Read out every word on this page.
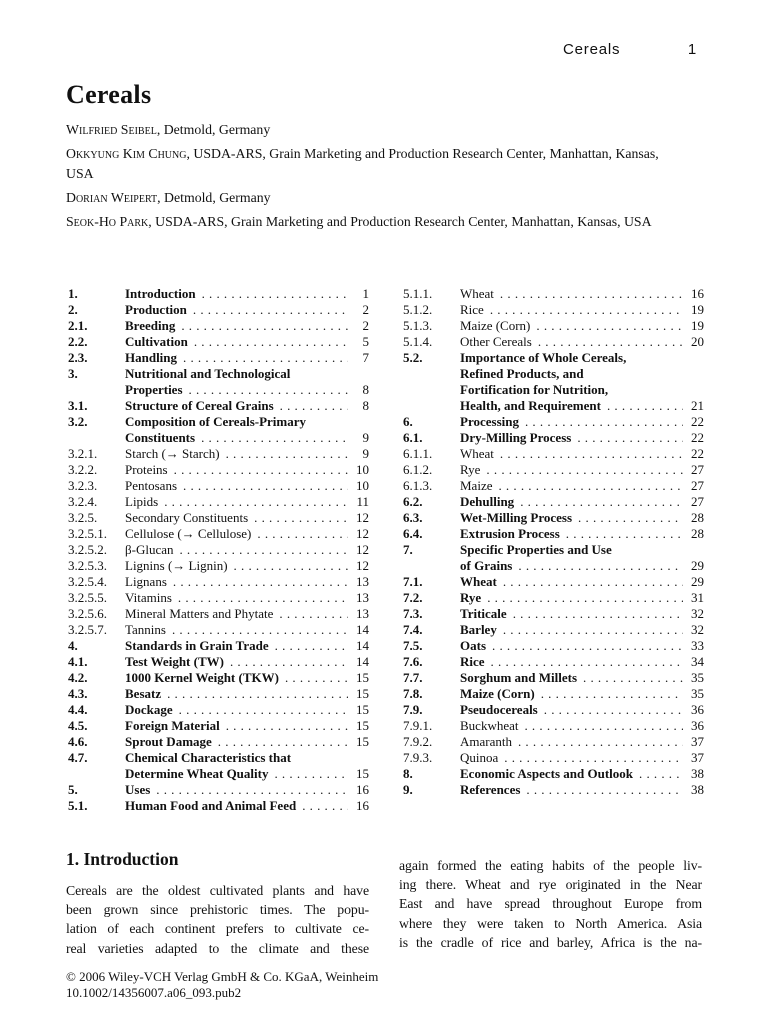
Cereals	1
Cereals

Wilfried Seibel, Detmold, Germany

Okkyung Kim Chung, USDA-ARS, Grain Marketing and Production Research Center, Manhattan, Kansas,
USA

Dorian Weipert, Detmold, Germany

Seok-Ho Park, USDA-ARS, Grain Marketing and Production Research Center, Manhattan, Kansas, USA

1.	Introduction .....	1
2.	Production .....	2
2.1.	Breeding .....	2
2.2.	Cultivation .....	5
2.3.	Handling .....	7
3.	Nutritional and Technological
Properties .....	8
3.1.	Structure of Cereal Grains .....	8
3.2.	Composition of Cereals-Primary
Constituents .....	9
3.2.1.	Starch (→ Starch) .....	9
3.2.2.	Proteins .....	10
3.2.3.	Pentosans .....	10
3.2.4.	Lipids .....	11
3.2.5.	Secondary Constituents .....	12
3.2.5.1.	Cellulose (→ Cellulose) .....	12
3.2.5.2.	β-Glucan .....	12
3.2.5.3.	Lignins (→ Lignin) .....	12
3.2.5.4.	Lignans .....	13
3.2.5.5.	Vitamins .....	13
3.2.5.6.	Mineral Matters and Phytate .....	13
3.2.5.7.	Tannins .....	14
4.	Standards in Grain Trade .....	14
4.1.	Test Weight (TW) .....	14
4.2.	1000 Kernel Weight (TKW) .....	15
4.3.	Besatz .....	15
4.4.	Dockage .....	15
4.5.	Foreign Material .....	15
4.6.	Sprout Damage .....	15
4.7.	Chemical Characteristics that
Determine Wheat Quality .....	15
5.	Uses .....	16
5.1.	Human Food and Animal Feed .....	16
5.1.1.	Wheat .....	16
5.1.2.	Rice .....	19
5.1.3.	Maize (Corn) .....	19
5.1.4.	Other Cereals .....	20
5.2.	Importance of Whole Cereals,
Refined Products, and
Fortification for Nutrition,
Health, and Requirement .....	21
6.	Processing .....	22
6.1.	Dry-Milling Process .....	22
6.1.1.	Wheat .....	22
6.1.2.	Rye .....	27
6.1.3.	Maize .....	27
6.2.	Dehulling .....	27
6.3.	Wet-Milling Process .....	28
6.4.	Extrusion Process .....	28
7.	Specific Properties and Use
of Grains .....	29
7.1.	Wheat .....	29
7.2.	Rye .....	31
7.3.	Triticale .....	32
7.4.	Barley .....	32
7.5.	Oats .....	33
7.6.	Rice .....	34
7.7.	Sorghum and Millets .....	35
7.8.	Maize (Corn) .....	35
7.9.	Pseudocereals .....	36
7.9.1.	Buckwheat .....	36
7.9.2.	Amaranth .....	37
7.9.3.	Quinoa .....	37
8.	Economic Aspects and Outlook .....	38
9.	References .....	38
1. Introduction
Cereals are the oldest cultivated plants and have
been grown since prehistoric times. The popu-
lation of each continent prefers to cultivate ce-
real varieties adapted to the climate and these
again formed the eating habits of the people liv-
ing there. Wheat and rye originated in the Near
East and have spread throughout Europe from
where they were taken to North America. Asia
is the cradle of rice and barley, Africa is the na-
© 2006 Wiley-VCH Verlag GmbH & Co. KGaA, Weinheim
10.1002/14356007.a06_093.pub2
